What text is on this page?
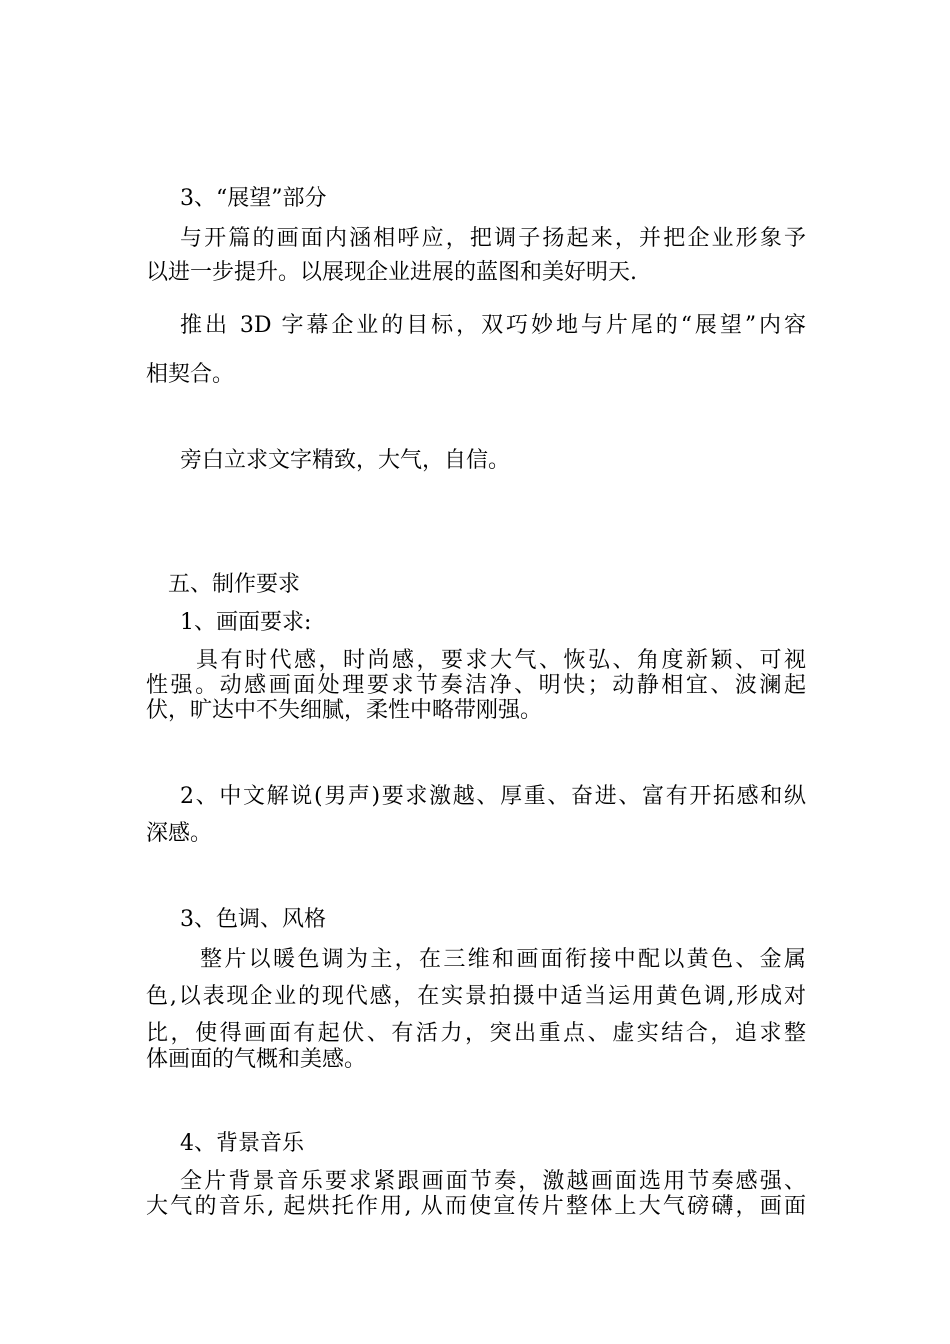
3、“展望”部分
与开篇的画面内涵相呼应，把调子扬起来，并把企业形象予
以进一步提升。以展现企业进展的蓝图和美好明天.
推出 3D 字幕企业的目标，双巧妙地与片尾的“展望”内容
相契合。
旁白立求文字精致，大气，自信。
五、制作要求
1、画面要求:
具有时代感，时尚感，要求大气、恢弘、角度新颖、可视
性强。动感画面处理要求节奏洁净、明快；动静相宜、波澜起
伏，旷达中不失细腻，柔性中略带刚强。
2、中文解说(男声)要求激越、厚重、奋进、富有开拓感和纵
深感。
3、色调、风格
整片以暖色调为主，在三维和画面衔接中配以黄色、金属
色,以表现企业的现代感，在实景拍摄中适当运用黄色调,形成对
比，使得画面有起伏、有活力，突出重点、虚实结合，追求整
体画面的气概和美感。
4、背景音乐
全片背景音乐要求紧跟画面节奏，激越画面选用节奏感强、
大气的音乐, 起烘托作用, 从而使宣传片整体上大气磅礴，画面
